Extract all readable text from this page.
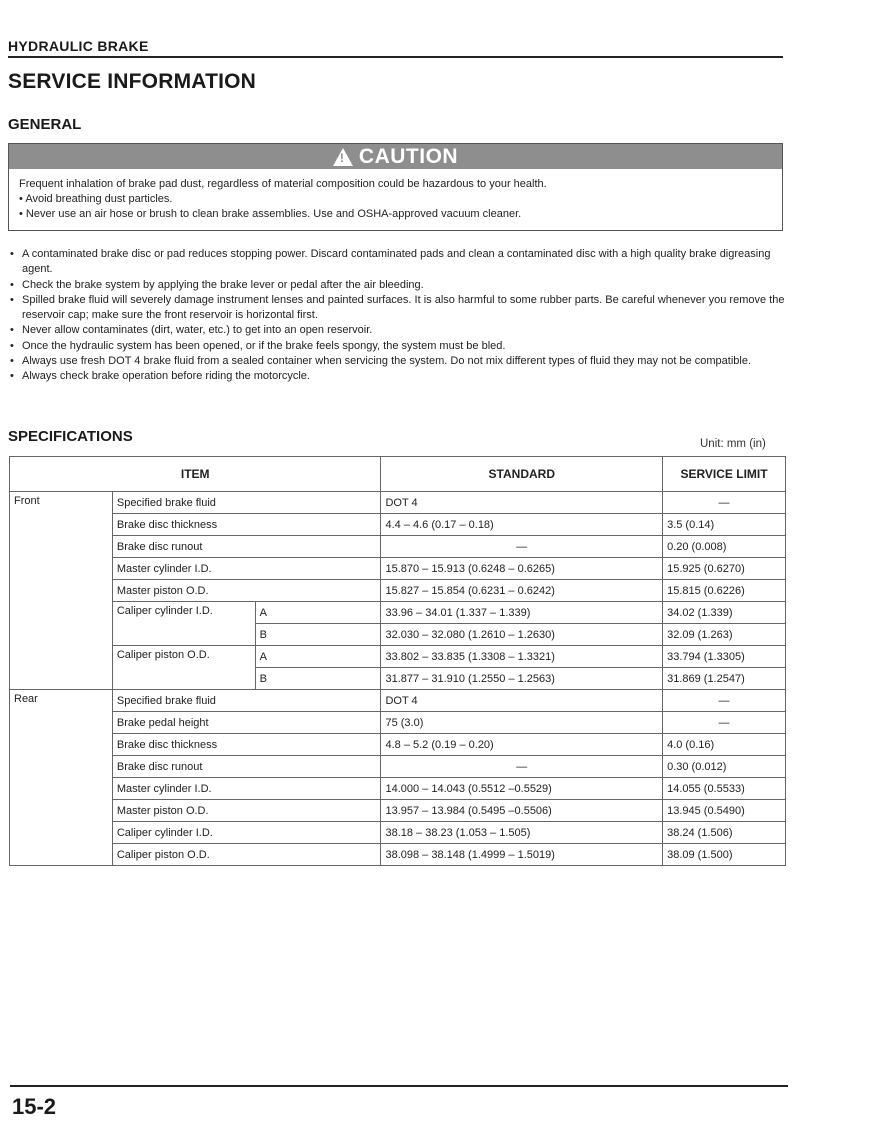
HYDRAULIC BRAKE
SERVICE INFORMATION
GENERAL
! CAUTION
Frequent inhalation of brake pad dust, regardless of material composition could be hazardous to your health.
• Avoid breathing dust particles.
• Never use an air hose or brush to clean brake assemblies. Use and OSHA-approved vacuum cleaner.
• A contaminated brake disc or pad reduces stopping power. Discard contaminated pads and clean a contaminated disc with a high quality brake digreasing agent.
• Check the brake system by applying the brake lever or pedal after the air bleeding.
• Spilled brake fluid will severely damage instrument lenses and painted surfaces. It is also harmful to some rubber parts. Be careful whenever you remove the reservoir cap; make sure the front reservoir is horizontal first.
• Never allow contaminates (dirt, water, etc.) to get into an open reservoir.
• Once the hydraulic system has been opened, or if the brake feels spongy, the system must be bled.
• Always use fresh DOT 4 brake fluid from a sealed container when servicing the system. Do not mix different types of fluid they may not be compatible.
• Always check brake operation before riding the motorcycle.
SPECIFICATIONS	Unit: mm (in)
ITEM			STANDARD	SERVICE LIMIT
Front	Specified brake fluid		DOT 4	—
	Brake disc thickness		4.4 – 4.6 (0.17 – 0.18)	3.5 (0.14)
	Brake disc runout		—	0.20 (0.008)
	Master cylinder I.D.		15.870 – 15.913 (0.6248 – 0.6265)	15.925 (0.6270)
	Master piston O.D.		15.827 – 15.854 (0.6231 – 0.6242)	15.815 (0.6226)
	Caliper cylinder I.D.	A	33.96 – 34.01 (1.337 – 1.339)	34.02 (1.339)
		B	32.030 – 32.080 (1.2610 – 1.2630)	32.09 (1.263)
	Caliper piston O.D.	A	33.802 – 33.835 (1.3308 – 1.3321)	33.794 (1.3305)
		B	31.877 – 31.910 (1.2550 – 1.2563)	31.869 (1.2547)
Rear	Specified brake fluid		DOT 4	—
	Brake pedal height		75 (3.0)	—
	Brake disc thickness		4.8 – 5.2 (0.19 – 0.20)	4.0 (0.16)
	Brake disc runout		—	0.30 (0.012)
	Master cylinder I.D.		14.000 – 14.043 (0.5512 –0.5529)	14.055 (0.5533)
	Master piston O.D.		13.957 – 13.984 (0.5495 –0.5506)	13.945 (0.5490)
	Caliper cylinder I.D.		38.18 – 38.23 (1.053 – 1.505)	38.24 (1.506)
	Caliper piston O.D.		38.098 – 38.148 (1.4999 – 1.5019)	38.09 (1.500)
15-2
